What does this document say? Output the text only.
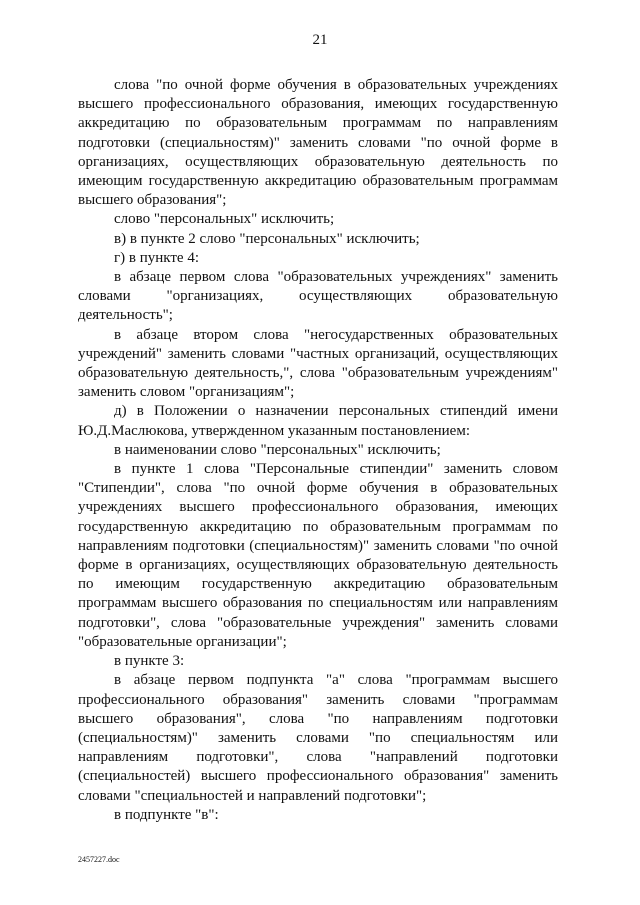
21

слова "по очной форме обучения в образовательных учреждениях высшего профессионального образования, имеющих государственную аккредитацию по образовательным программам по направлениям подготовки (специальностям)" заменить словами "по очной форме в организациях, осуществляющих образовательную деятельность по имеющим государственную аккредитацию образовательным программам высшего образования";

слово "персональных" исключить;

в) в пункте 2 слово "персональных" исключить;

г) в пункте 4:

в абзаце первом слова "образовательных учреждениях" заменить словами "организациях, осуществляющих образовательную деятельность";

в абзаце втором слова "негосударственных образовательных учреждений" заменить словами "частных организаций, осуществляющих образовательную деятельность,", слова "образовательным учреждениям" заменить словом "организациям";

д) в Положении о назначении персональных стипендий имени Ю.Д.Маслюкова, утвержденном указанным постановлением:

в наименовании слово "персональных" исключить;

в пункте 1 слова "Персональные стипендии" заменить словом "Стипендии", слова "по очной форме обучения в образовательных учреждениях высшего профессионального образования, имеющих государственную аккредитацию по образовательным программам по направлениям подготовки (специальностям)" заменить словами "по очной форме в организациях, осуществляющих образовательную деятельность по имеющим государственную аккредитацию образовательным программам высшего образования по специальностям или направлениям подготовки", слова "образовательные учреждения" заменить словами "образовательные организации";

в пункте 3:

в абзаце первом подпункта "а" слова "программам высшего профессионального образования" заменить словами "программам высшего образования", слова "по направлениям подготовки (специальностям)" заменить словами "по специальностям или направлениям подготовки", слова "направлений подготовки (специальностей) высшего профессионального образования" заменить словами "специальностей и направлений подготовки";

в подпункте "в":

2457227.doc
